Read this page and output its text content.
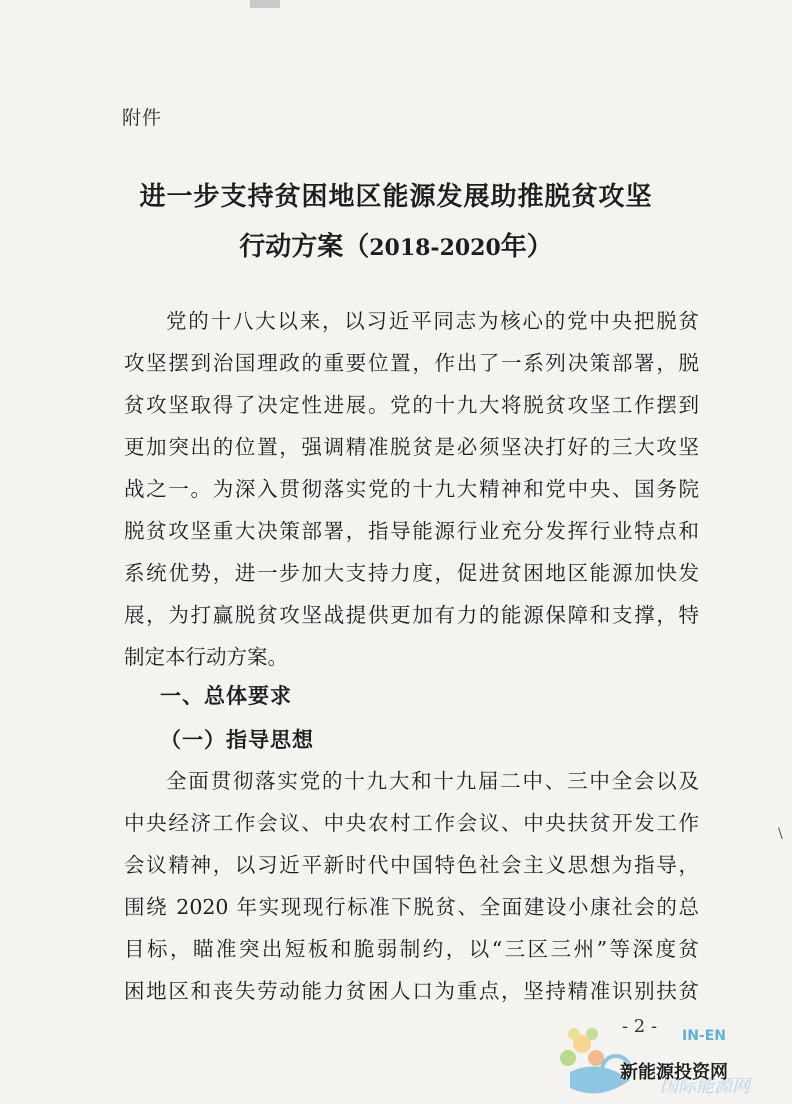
附件
进一步支持贫困地区能源发展助推脱贫攻坚
行动方案（2018-2020年）
党的十八大以来，以习近平同志为核心的党中央把脱贫
攻坚摆到治国理政的重要位置，作出了一系列决策部署，脱
贫攻坚取得了决定性进展。党的十九大将脱贫攻坚工作摆到
更加突出的位置，强调精准脱贫是必须坚决打好的三大攻坚
战之一。为深入贯彻落实党的十九大精神和党中央、国务院
脱贫攻坚重大决策部署，指导能源行业充分发挥行业特点和
系统优势，进一步加大支持力度，促进贫困地区能源加快发
展，为打赢脱贫攻坚战提供更加有力的能源保障和支撑，特
制定本行动方案。
一、总体要求
（一）指导思想
全面贯彻落实党的十九大和十九届二中、三中全会以及
中央经济工作会议、中央农村工作会议、中央扶贫开发工作
会议精神，以习近平新时代中国特色社会主义思想为指导，
围绕 2020 年实现现行标准下脱贫、全面建设小康社会的总
目标，瞄准突出短板和脆弱制约，以“三区三州”等深度贫
困地区和丧失劳动能力贫困人口为重点，坚持精准识别扶贫
\
- 2 - IN-EN
国际能源网
新能源投资网
